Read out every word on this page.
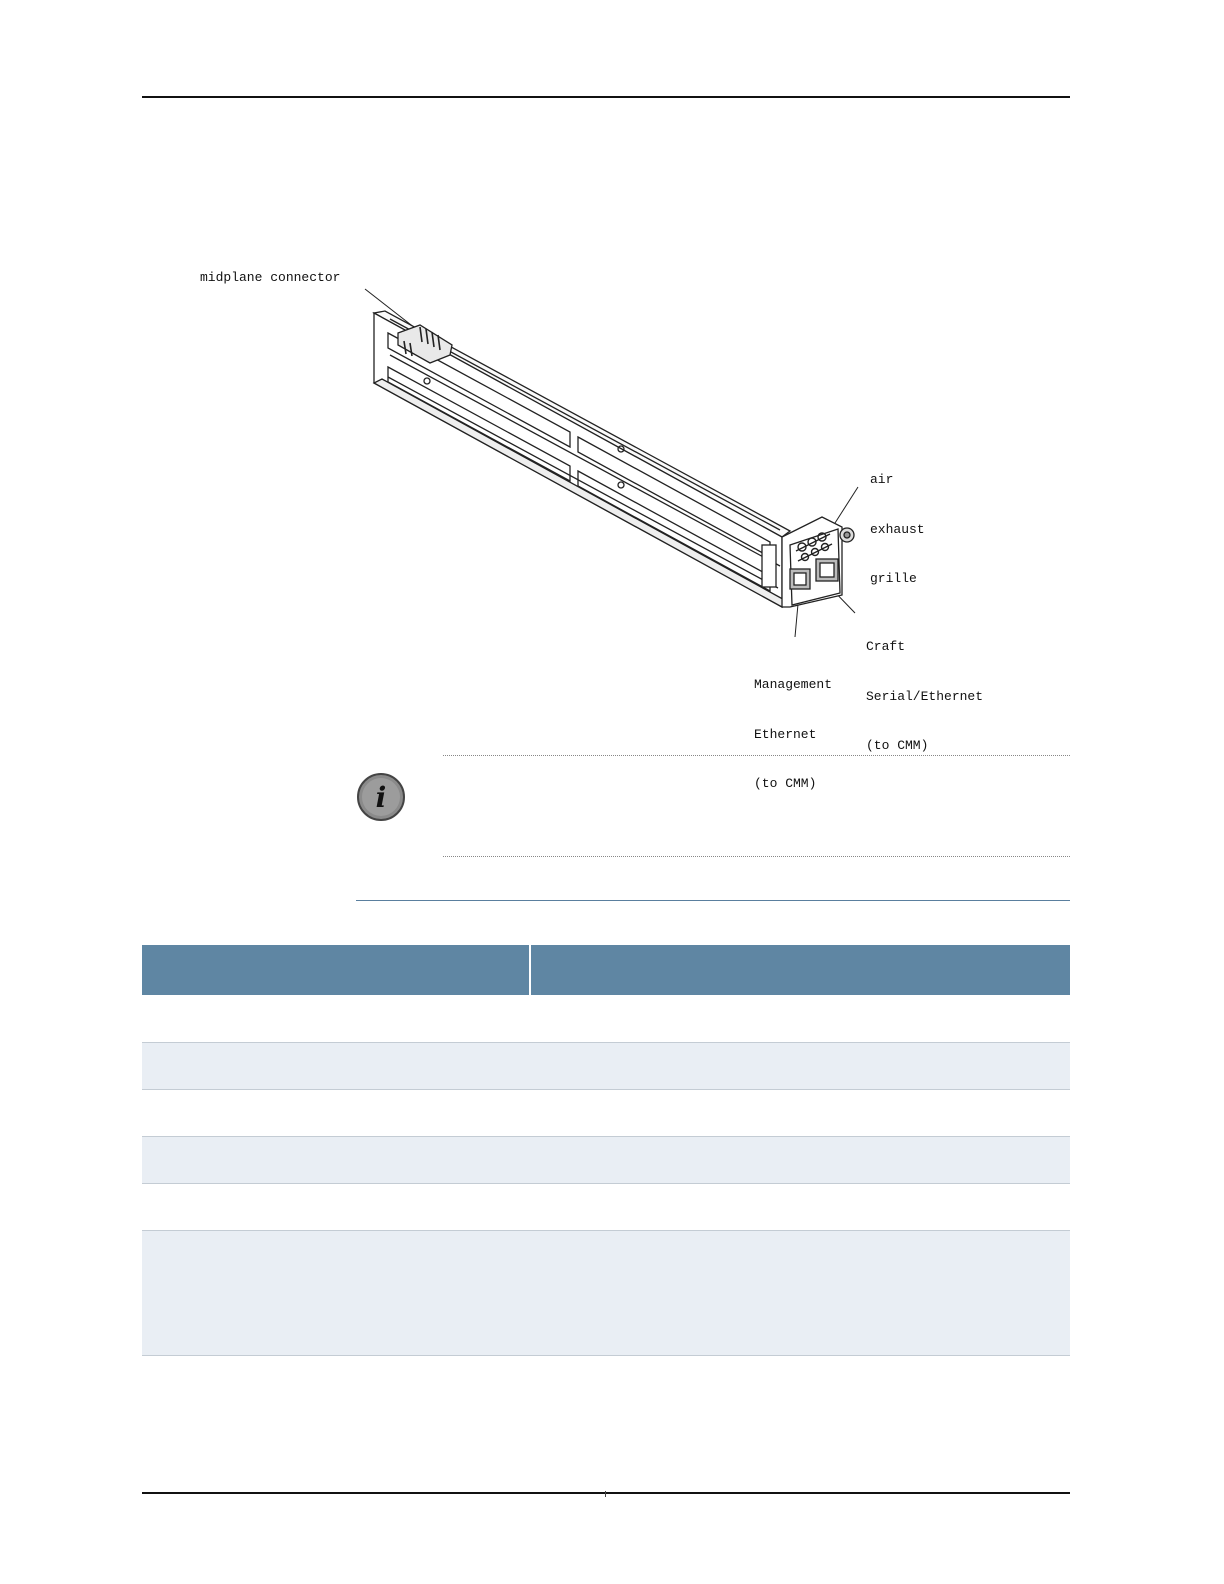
midplane connector

air

exhaust

grille

Craft

Serial/Ethernet

(to CMM)

Management

Ethernet

(to CMM)

i
